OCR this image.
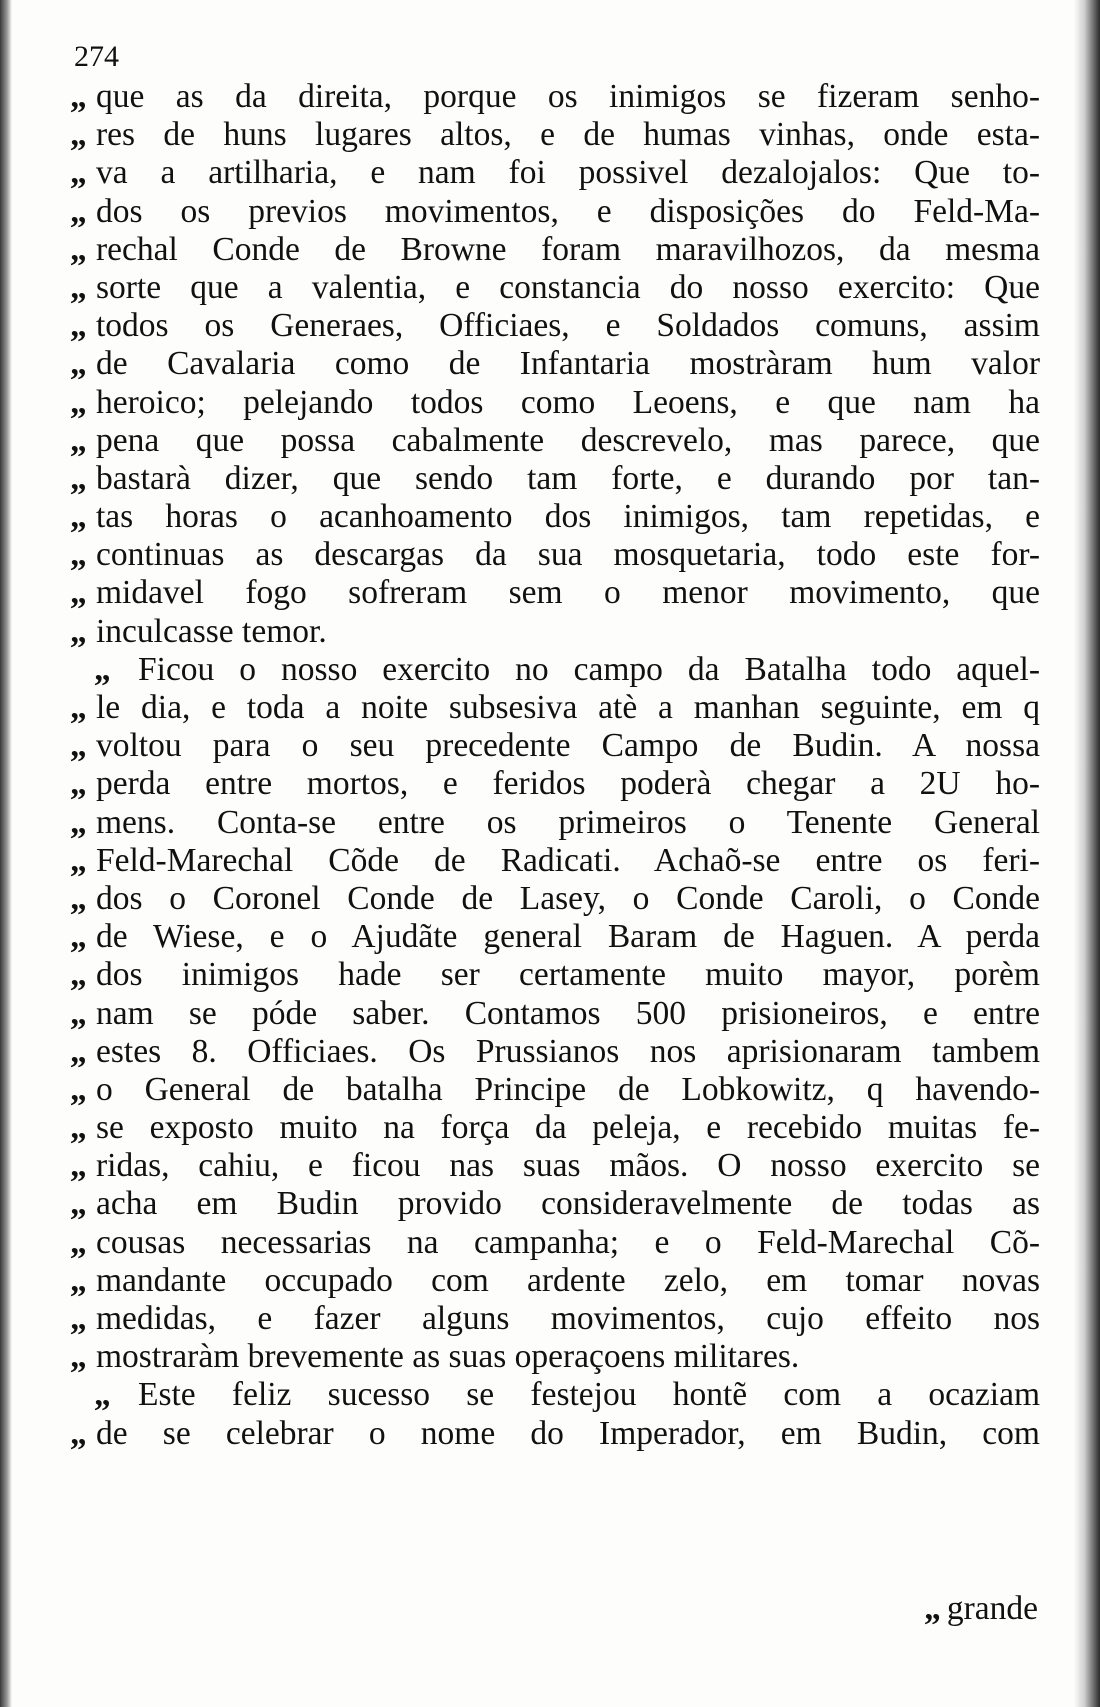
274
„ que as da direita, porque os inimigos se fizeram senho-
„ res de huns lugares altos, e de humas vinhas, onde esta-
„ va a artilharia, e nam foi possivel dezalojalos: Que to-
„ dos os previos movimentos, e disposições do Feld-Ma-
„ rechal Conde de Browne foram maravilhozos, da mesma
„ sorte que a valentia, e constancia do nosso exercito: Que
„ todos os Generaes, Officiaes, e Soldados comuns, assim
„ de Cavalaria como de Infantaria mostràram hum valor
„ heroico; pelejando todos como Leoens, e que nam ha
„ pena que possa cabalmente descrevelo, mas parece, que
„ bastarà dizer, que sendo tam forte, e durando por tan-
„ tas horas o acanhoamento dos inimigos, tam repetidas, e
„ continuas as descargas da sua mosquetaria, todo este for-
„ midavel fogo sofreram sem o menor movimento, que
„ inculcasse temor.
„ Ficou o nosso exercito no campo da Batalha todo aquel-
„ le dia, e toda a noite subsesiva atè a manhan seguinte, em q
„ voltou para o seu precedente Campo de Budin. A nossa
„ perda entre mortos, e feridos poderà chegar a 2U ho-
„ mens. Conta-se entre os primeiros o Tenente General
„ Feld-Marechal Cõde de Radicati. Achaõ-se entre os feri-
„ dos o Coronel Conde de Lasey, o Conde Caroli, o Conde
„ de Wiese, e o Ajudãte general Baram de Haguen. A perda
„ dos inimigos hade ser certamente muito mayor, porèm
„ nam se póde saber. Contamos 500 prisioneiros, e entre
„ estes 8. Officiaes. Os Prussianos nos aprisionaram tambem
„ o General de batalha Principe de Lobkowitz, q havendo-
„ se exposto muito na força da peleja, e recebido muitas fe-
„ ridas, cahiu, e ficou nas suas mãos. O nosso exercito se
„ acha em Budin provido consideravelmente de todas as
„ cousas necessarias na campanha; e o Feld-Marechal Cõ-
„ mandante occupado com ardente zelo, em tomar novas
„ medidas, e fazer alguns movimentos, cujo effeito nos
„ mostraràm brevemente as suas operaçoens militares.
„ Este feliz sucesso se festejou hontẽ com a ocaziam
„ de se celebrar o nome do Imperador, em Budin, com
„ grande
